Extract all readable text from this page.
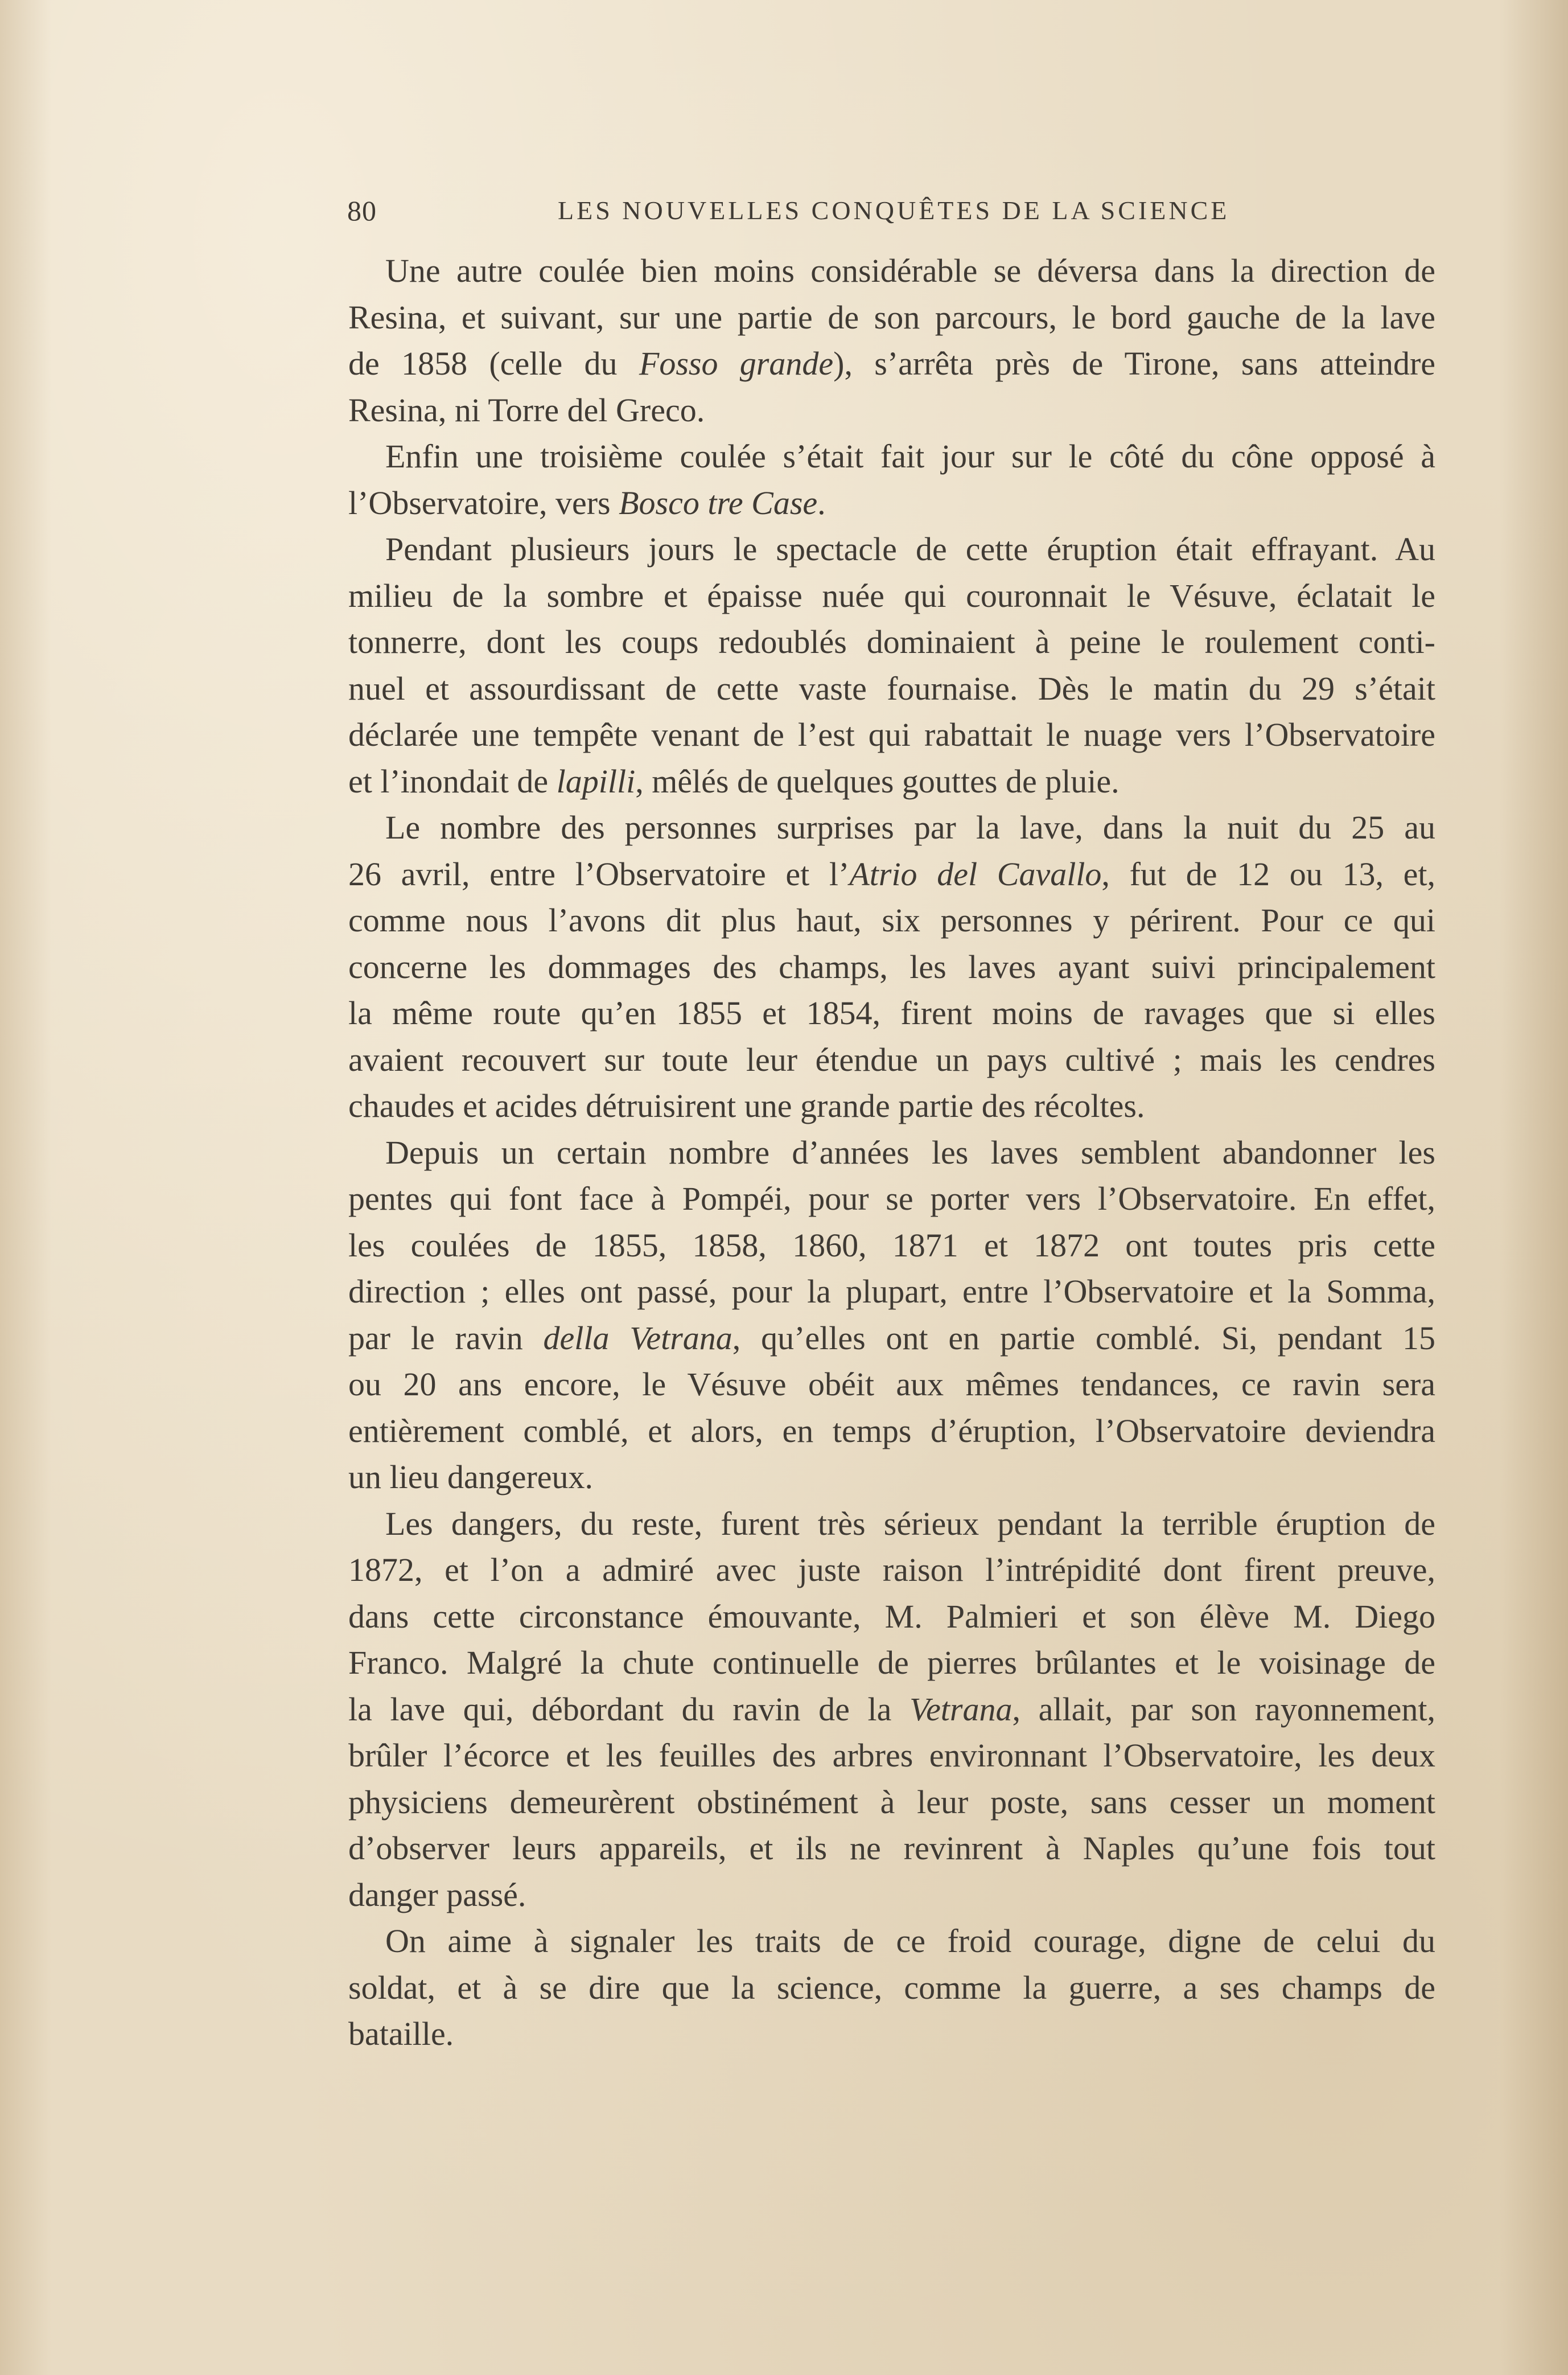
80	LES NOUVELLES CONQUÊTES DE LA SCIENCE

Une autre coulée bien moins considérable se déversa dans la direction de
Resina, et suivant, sur une partie de son parcours, le bord gauche de la lave
de 1858 (celle du Fosso grande), s’arrêta près de Tirone, sans atteindre
Resina, ni Torre del Greco.

Enfin une troisième coulée s’était fait jour sur le côté du cône opposé à
l’Observatoire, vers Bosco tre Case.

Pendant plusieurs jours le spectacle de cette éruption était effrayant. Au
milieu de la sombre et épaisse nuée qui couronnait le Vésuve, éclatait le
tonnerre, dont les coups redoublés dominaient à peine le roulement conti-
nuel et assourdissant de cette vaste fournaise. Dès le matin du 29 s’était
déclarée une tempête venant de l’est qui rabattait le nuage vers l’Observatoire
et l’inondait de lapilli, mêlés de quelques gouttes de pluie.

Le nombre des personnes surprises par la lave, dans la nuit du 25 au
26 avril, entre l’Observatoire et l’Atrio del Cavallo, fut de 12 ou 13, et,
comme nous l’avons dit plus haut, six personnes y périrent. Pour ce qui
concerne les dommages des champs, les laves ayant suivi principalement
la même route qu’en 1855 et 1854, firent moins de ravages que si elles
avaient recouvert sur toute leur étendue un pays cultivé ; mais les cendres
chaudes et acides détruisirent une grande partie des récoltes.

Depuis un certain nombre d’années les laves semblent abandonner les
pentes qui font face à Pompéi, pour se porter vers l’Observatoire. En effet,
les coulées de 1855, 1858, 1860, 1871 et 1872 ont toutes pris cette
direction ; elles ont passé, pour la plupart, entre l’Observatoire et la Somma,
par le ravin della Vetrana, qu’elles ont en partie comblé. Si, pendant 15
ou 20 ans encore, le Vésuve obéit aux mêmes tendances, ce ravin sera
entièrement comblé, et alors, en temps d’éruption, l’Observatoire deviendra
un lieu dangereux.

Les dangers, du reste, furent très sérieux pendant la terrible éruption de
1872, et l’on a admiré avec juste raison l’intrépidité dont firent preuve,
dans cette circonstance émouvante, M. Palmieri et son élève M. Diego
Franco. Malgré la chute continuelle de pierres brûlantes et le voisinage de
la lave qui, débordant du ravin de la Vetrana, allait, par son rayonnement,
brûler l’écorce et les feuilles des arbres environnant l’Observatoire, les deux
physiciens demeurèrent obstinément à leur poste, sans cesser un moment
d’observer leurs appareils, et ils ne revinrent à Naples qu’une fois tout
danger passé.

On aime à signaler les traits de ce froid courage, digne de celui du
soldat, et à se dire que la science, comme la guerre, a ses champs de
bataille.
